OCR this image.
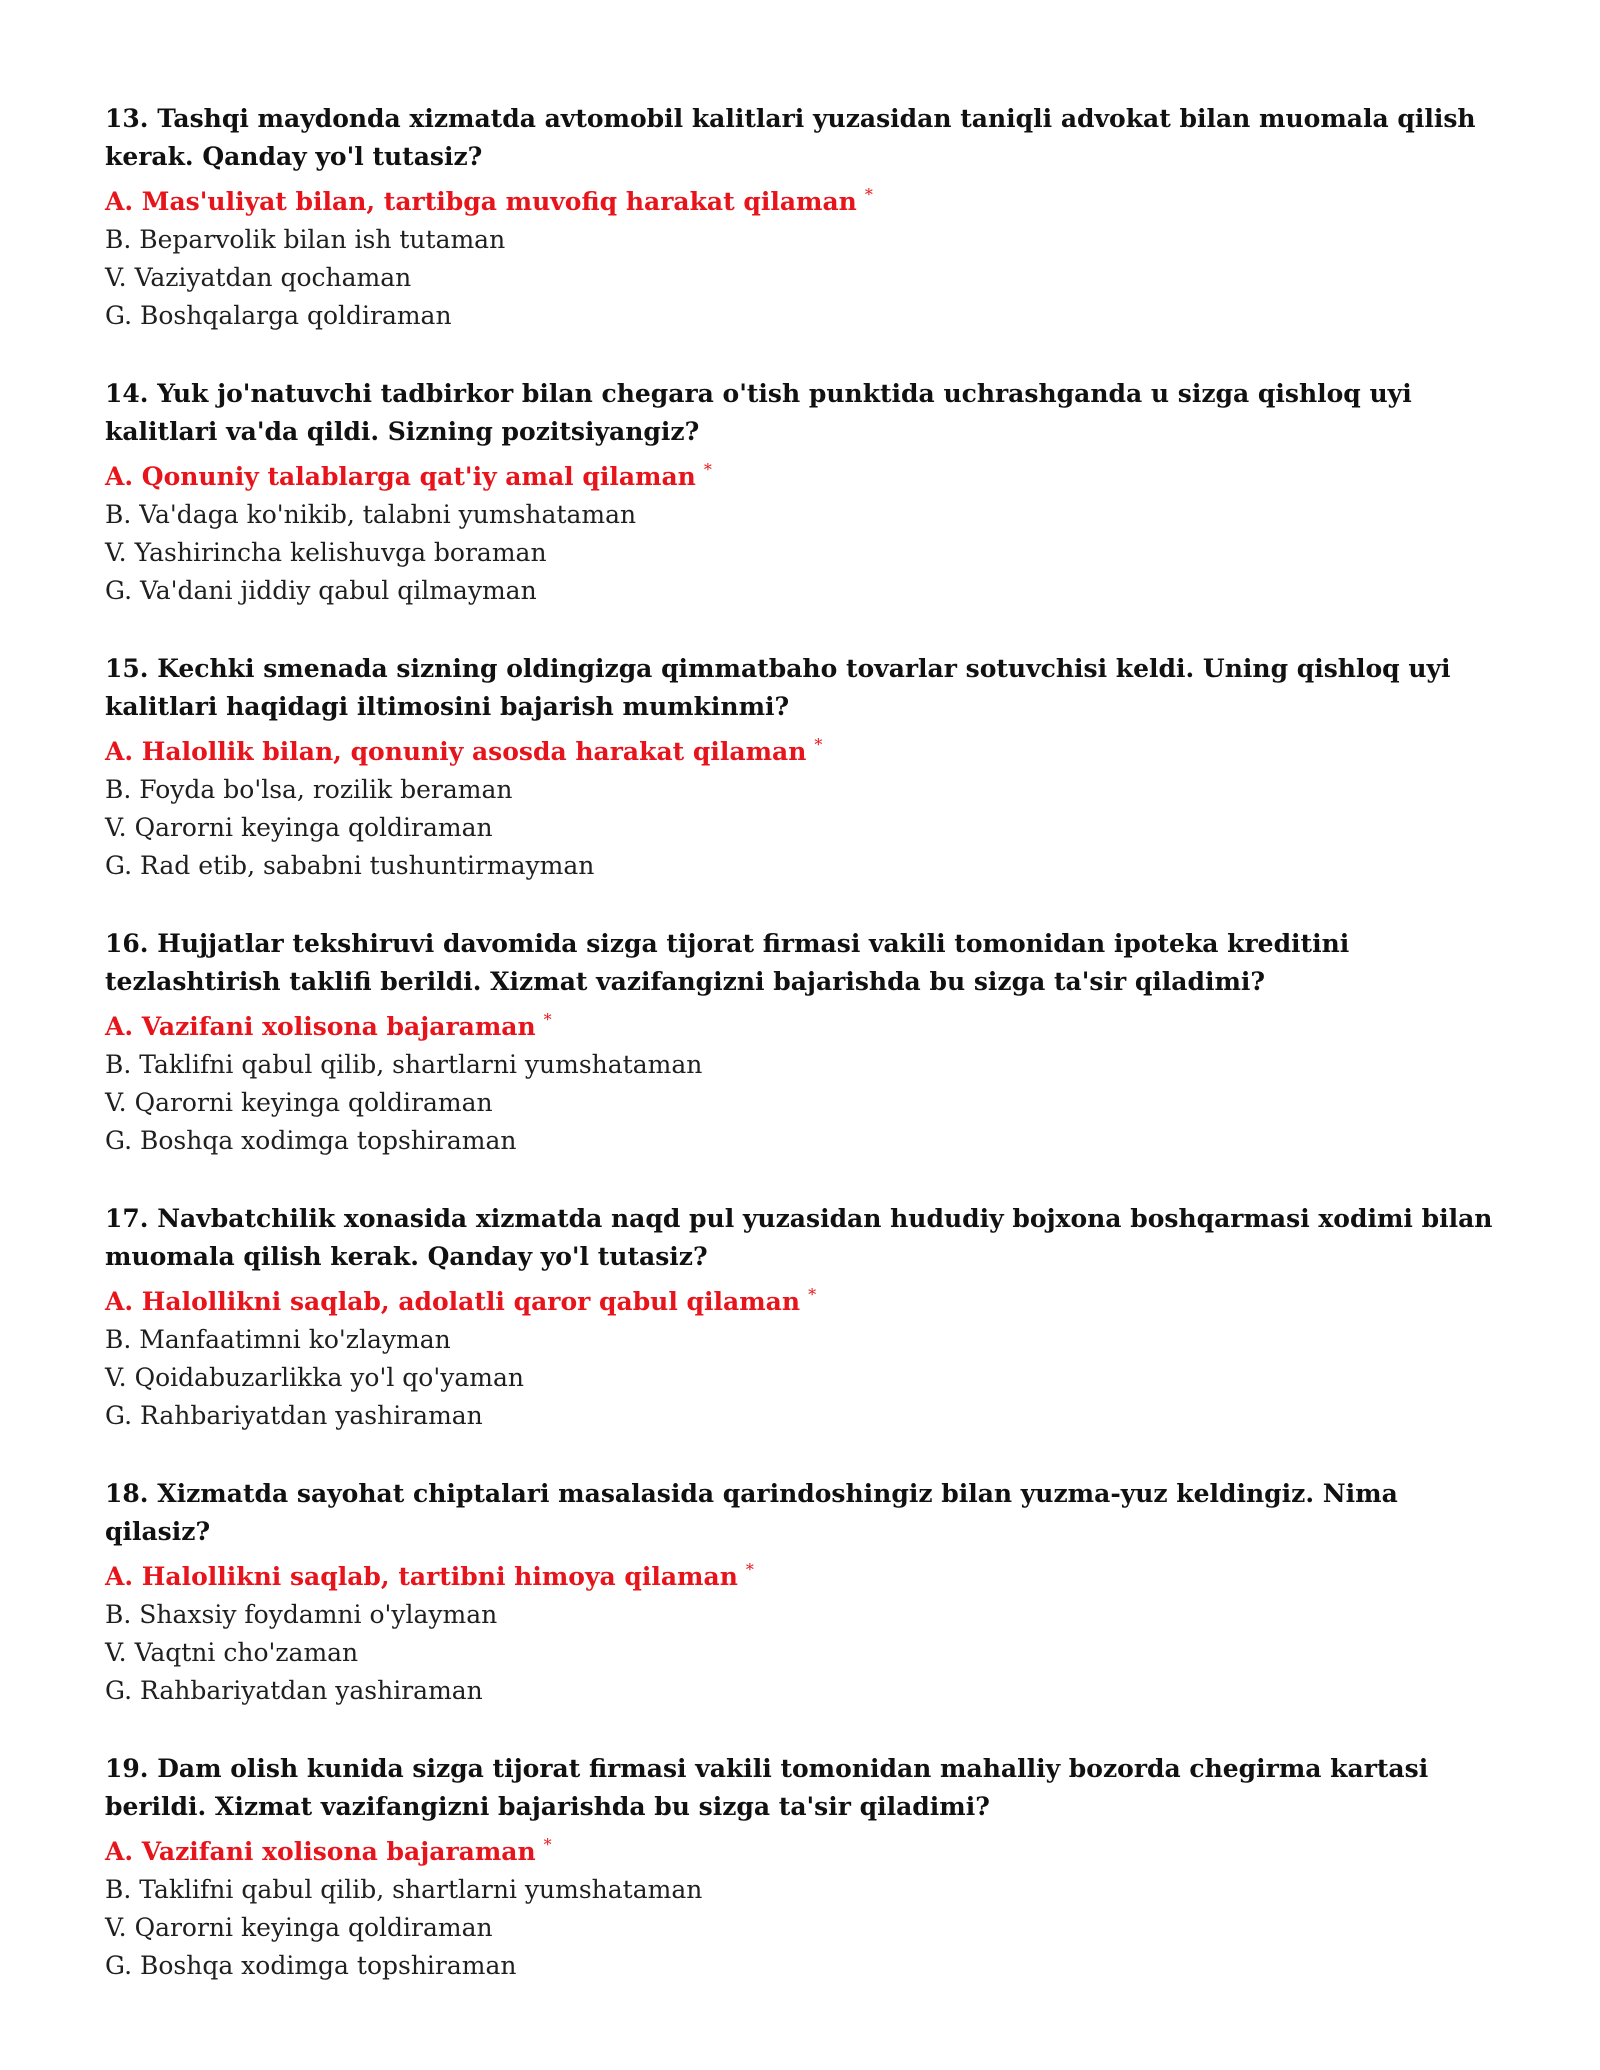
13. Tashqi maydonda xizmatda avtomobil kalitlari yuzasidan taniqli advokat bilan muomala qilish kerak. Qanday yo'l tutasiz?

A. Mas'uliyat bilan, tartibga muvofiq harakat qilaman *

B. Beparvolik bilan ish tutaman

V. Vaziyatdan qochaman

G. Boshqalarga qoldiraman

14. Yuk jo'natuvchi tadbirkor bilan chegara o'tish punktida uchrashganda u sizga qishloq uyi kalitlari va'da qildi. Sizning pozitsiyangiz?

A. Qonuniy talablarga qat'iy amal qilaman *

B. Va'daga ko'nikib, talabni yumshataman

V. Yashirincha kelishuvga boraman

G. Va'dani jiddiy qabul qilmayman

15. Kechki smenada sizning oldingizga qimmatbaho tovarlar sotuvchisi keldi. Uning qishloq uyi kalitlari haqidagi iltimosini bajarish mumkinmi?

A. Halollik bilan, qonuniy asosda harakat qilaman *

B. Foyda bo'lsa, rozilik beraman

V. Qarorni keyinga qoldiraman

G. Rad etib, sababni tushuntirmayman

16. Hujjatlar tekshiruvi davomida sizga tijorat firmasi vakili tomonidan ipoteka kreditini tezlashtirish taklifi berildi. Xizmat vazifangizni bajarishda bu sizga ta'sir qiladimi?

A. Vazifani xolisona bajaraman *

B. Taklifni qabul qilib, shartlarni yumshataman

V. Qarorni keyinga qoldiraman

G. Boshqa xodimga topshiraman

17. Navbatchilik xonasida xizmatda naqd pul yuzasidan hududiy bojxona boshqarmasi xodimi bilan muomala qilish kerak. Qanday yo'l tutasiz?

A. Halollikni saqlab, adolatli qaror qabul qilaman *

B. Manfaatimni ko'zlayman

V. Qoidabuzarlikka yo'l qo'yaman

G. Rahbariyatdan yashiraman

18. Xizmatda sayohat chiptalari masalasida qarindoshingiz bilan yuzma-yuz keldingiz. Nima qilasiz?

A. Halollikni saqlab, tartibni himoya qilaman *

B. Shaxsiy foydamni o'ylayman

V. Vaqtni cho'zaman

G. Rahbariyatdan yashiraman

19. Dam olish kunida sizga tijorat firmasi vakili tomonidan mahalliy bozorda chegirma kartasi berildi. Xizmat vazifangizni bajarishda bu sizga ta'sir qiladimi?

A. Vazifani xolisona bajaraman *

B. Taklifni qabul qilib, shartlarni yumshataman

V. Qarorni keyinga qoldiraman

G. Boshqa xodimga topshiraman
